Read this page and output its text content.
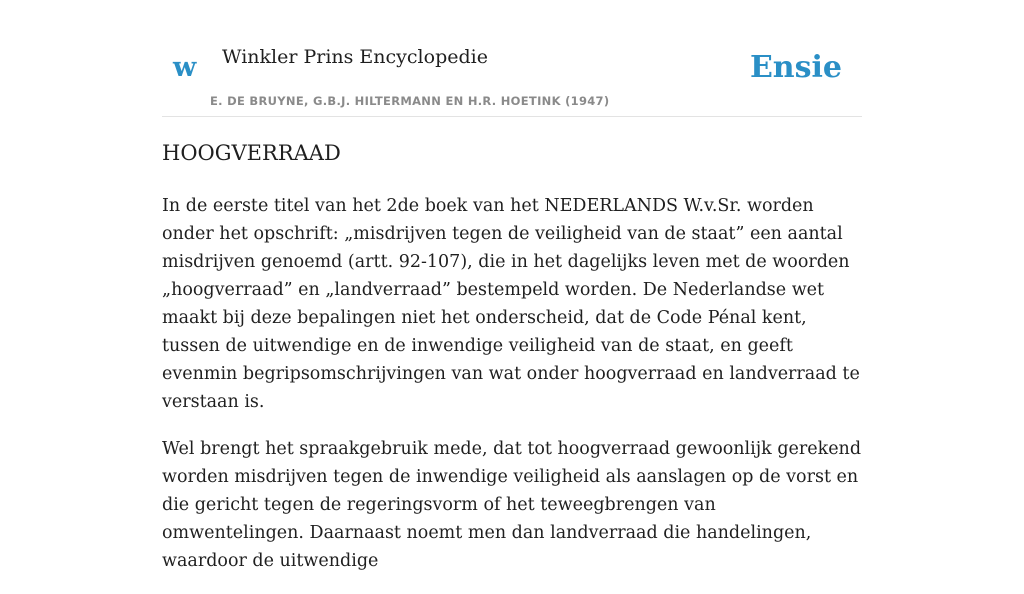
w Winkler Prins Encyclopedie
E. DE BRUYNE, G.B.J. HILTERMANN EN H.R. HOETINK (1947)
Ensie
HOOGVERRAAD

In de eerste titel van het 2de boek van het NEDERLANDS W.v.Sr. worden onder het opschrift: „misdrijven tegen de veiligheid van de staat” een aantal misdrijven genoemd (artt. 92-107), die in het dagelijks leven met de woorden „hoogverraad” en „landverraad” bestempeld worden. De Nederlandse wet maakt bij deze bepalingen niet het onderscheid, dat de Code Pénal kent, tussen de uitwendige en de inwendige veiligheid van de staat, en geeft evenmin begripsomschrijvingen van wat onder hoogverraad en landverraad te verstaan is.

Wel brengt het spraakgebruik mede, dat tot hoogverraad gewoonlijk gerekend worden misdrijven tegen de inwendige veiligheid als aanslagen op de vorst en die gericht tegen de regeringsvorm of het teweegbrengen van omwentelingen. Daarnaast noemt men dan landverraad die handelingen, waardoor de uitwendige
